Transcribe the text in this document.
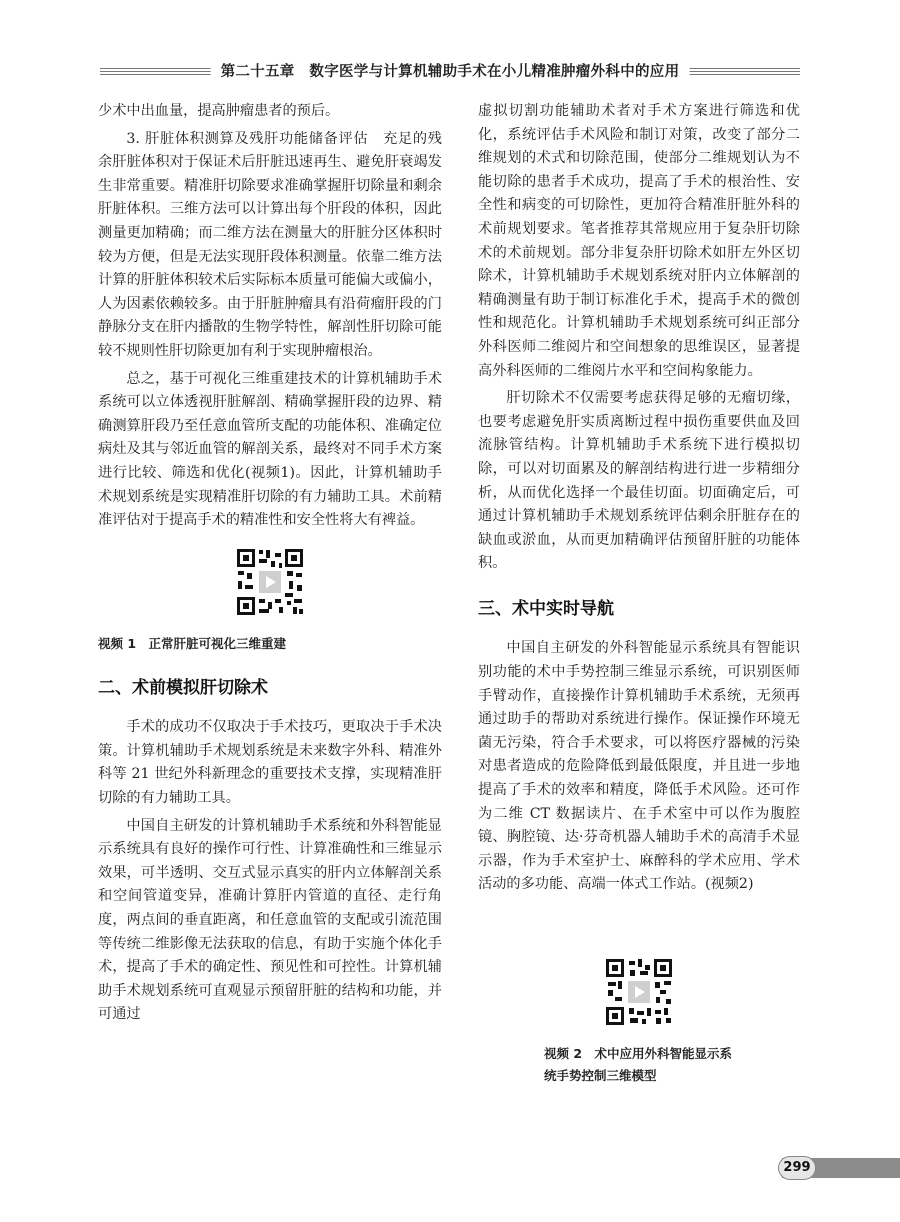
第二十五章　数字医学与计算机辅助手术在小儿精准肿瘤外科中的应用

少术中出血量，提高肿瘤患者的预后。

3. 肝脏体积测算及残肝功能储备评估　充足的残余肝脏体积对于保证术后肝脏迅速再生、避免肝衰竭发生非常重要。精准肝切除要求准确掌握肝切除量和剩余肝脏体积。三维方法可以计算出每个肝段的体积，因此测量更加精确；而二维方法在测量大的肝脏分区体积时较为方便，但是无法实现肝段体积测量。依靠二维方法计算的肝脏体积较术后实际标本质量可能偏大或偏小，人为因素依赖较多。由于肝脏肿瘤具有沿荷瘤肝段的门静脉分支在肝内播散的生物学特性，解剖性肝切除可能较不规则性肝切除更加有利于实现肿瘤根治。

总之，基于可视化三维重建技术的计算机辅助手术系统可以立体透视肝脏解剖、精确掌握肝段的边界、精确测算肝段乃至任意血管所支配的功能体积、准确定位病灶及其与邻近血管的解剖关系，最终对不同手术方案进行比较、筛选和优化(视频1)。因此，计算机辅助手术规划系统是实现精准肝切除的有力辅助工具。术前精准评估对于提高手术的精准性和安全性将大有裨益。

视频 1　正常肝脏可视化三维重建
二、术前模拟肝切除术

手术的成功不仅取决于手术技巧，更取决于手术决策。计算机辅助手术规划系统是未来数字外科、精准外科等 21 世纪外科新理念的重要技术支撑，实现精准肝切除的有力辅助工具。

中国自主研发的计算机辅助手术系统和外科智能显示系统具有良好的操作可行性、计算准确性和三维显示效果，可半透明、交互式显示真实的肝内立体解剖关系和空间管道变异，准确计算肝内管道的直径、走行角度，两点间的垂直距离，和任意血管的支配或引流范围等传统二维影像无法获取的信息，有助于实施个体化手术，提高了手术的确定性、预见性和可控性。计算机辅助手术规划系统可直观显示预留肝脏的结构和功能，并可通过

虚拟切割功能辅助术者对手术方案进行筛选和优化，系统评估手术风险和制订对策，改变了部分二维规划的术式和切除范围，使部分二维规划认为不能切除的患者手术成功，提高了手术的根治性、安全性和病变的可切除性，更加符合精准肝脏外科的术前规划要求。笔者推荐其常规应用于复杂肝切除术的术前规划。部分非复杂肝切除术如肝左外区切除术，计算机辅助手术规划系统对肝内立体解剖的精确测量有助于制订标准化手术，提高手术的微创性和规范化。计算机辅助手术规划系统可纠正部分外科医师二维阅片和空间想象的思维误区，显著提高外科医师的二维阅片水平和空间构象能力。

肝切除术不仅需要考虑获得足够的无瘤切缘，也要考虑避免肝实质离断过程中损伤重要供血及回流脉管结构。计算机辅助手术系统下进行模拟切除，可以对切面累及的解剖结构进行进一步精细分析，从而优化选择一个最佳切面。切面确定后，可通过计算机辅助手术规划系统评估剩余肝脏存在的缺血或淤血，从而更加精确评估预留肝脏的功能体积。

三、术中实时导航

中国自主研发的外科智能显示系统具有智能识别功能的术中手势控制三维显示系统，可识别医师手臂动作，直接操作计算机辅助手术系统，无须再通过助手的帮助对系统进行操作。保证操作环境无菌无污染，符合手术要求，可以将医疗器械的污染对患者造成的危险降低到最低限度，并且进一步地提高了手术的效率和精度，降低手术风险。还可作为二维 CT 数据读片、在手术室中可以作为腹腔镜、胸腔镜、达·芬奇机器人辅助手术的高清手术显示器，作为手术室护士、麻醉科的学术应用、学术活动的多功能、高端一体式工作站。(视频2)

视频 2　术中应用外科智能显示系统手势控制三维模型
299
